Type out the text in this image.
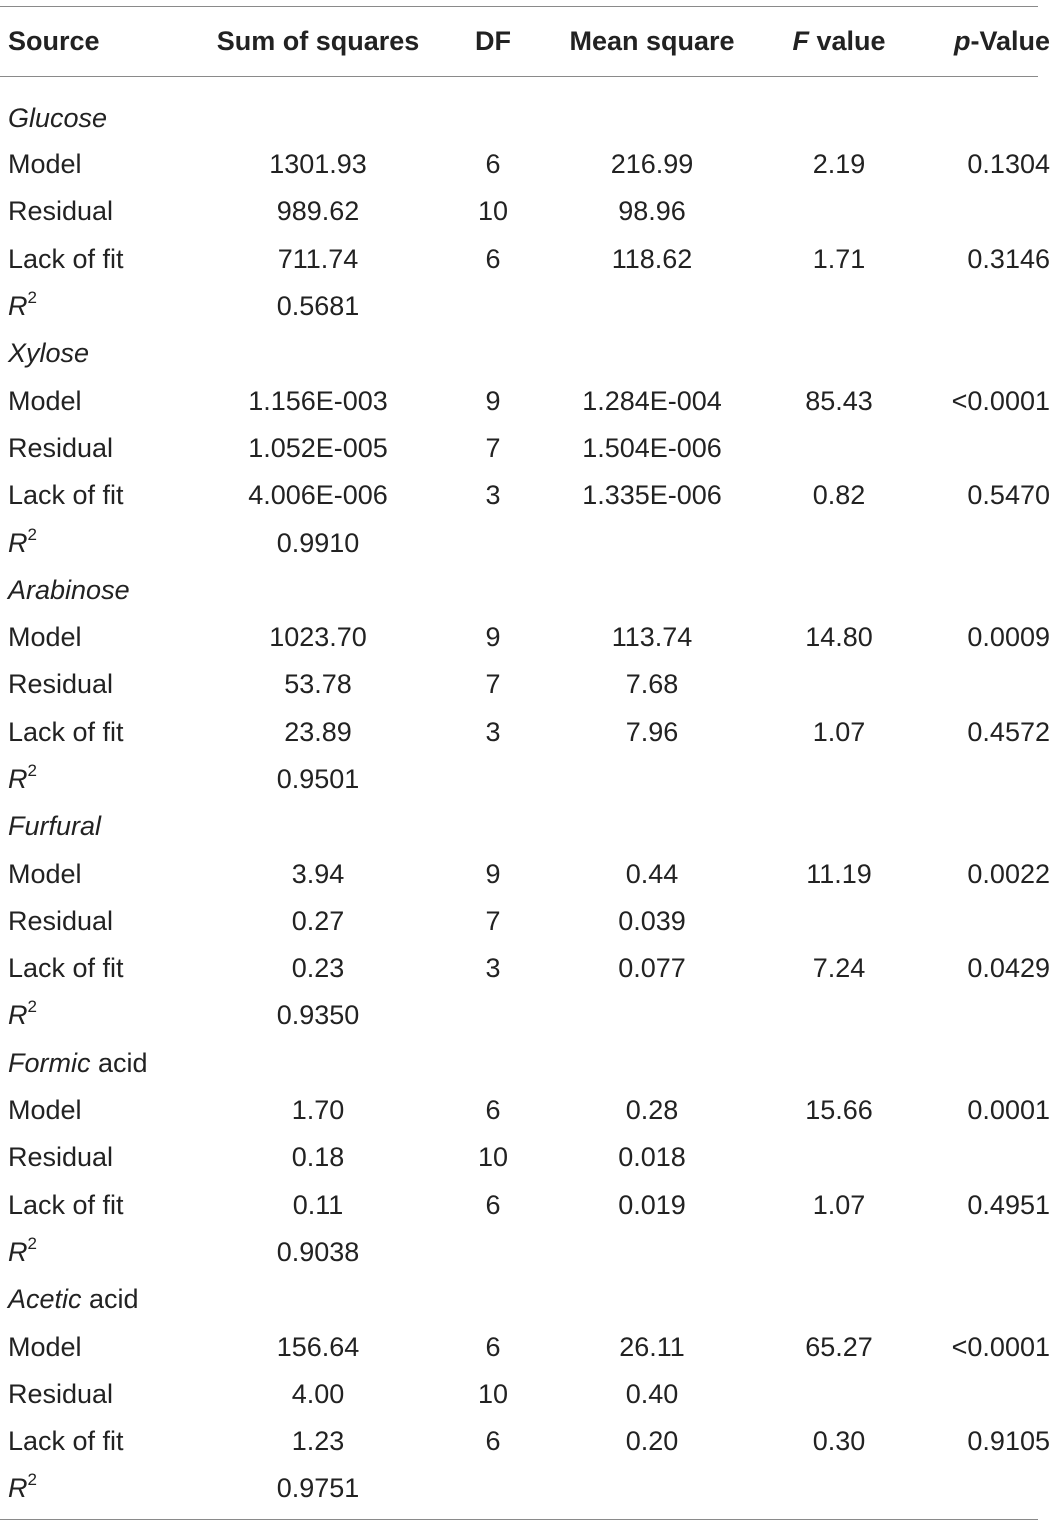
Source	Sum of squares	DF	Mean square	F value	p-Value
Glucose					
Model	1301.93	6	216.99	2.19	0.1304
Residual	989.62	10	98.96		
Lack of fit	711.74	6	118.62	1.71	0.3146
$R^2$	0.5681				
Xylose					
Model	1.156E-003	9	1.284E-004	85.43	<0.0001
Residual	1.052E-005	7	1.504E-006		
Lack of fit	4.006E-006	3	1.335E-006	0.82	0.5470
$R^2$	0.9910				
Arabinose					
Model	1023.70	9	113.74	14.80	0.0009
Residual	53.78	7	7.68		
Lack of fit	23.89	3	7.96	1.07	0.4572
$R^2$	0.9501				
Furfural					
Model	3.94	9	0.44	11.19	0.0022
Residual	0.27	7	0.039		
Lack of fit	0.23	3	0.077	7.24	0.0429
$R^2$	0.9350				
Formic acid					
Model	1.70	6	0.28	15.66	0.0001
Residual	0.18	10	0.018		
Lack of fit	0.11	6	0.019	1.07	0.4951
$R^2$	0.9038				
Acetic acid					
Model	156.64	6	26.11	65.27	<0.0001
Residual	4.00	10	0.40		
Lack of fit	1.23	6	0.20	0.30	0.9105
$R^2$	0.9751				
